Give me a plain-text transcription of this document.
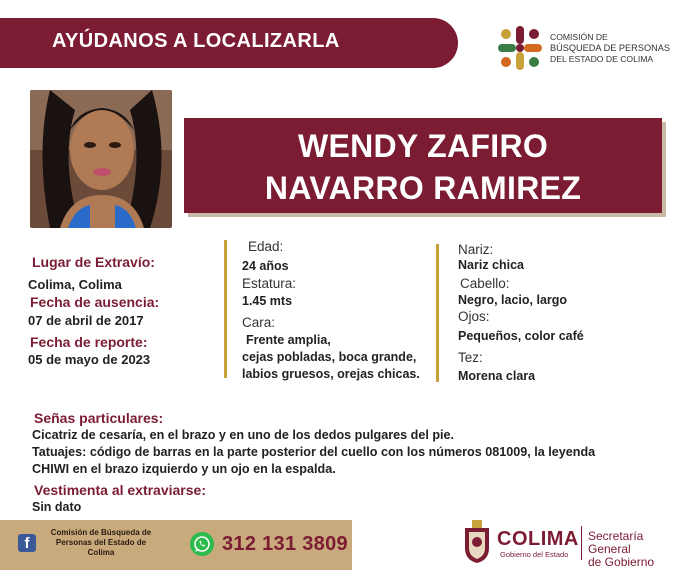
AYÚDANOS A LOCALIZARLA	COMISIÓN DE
BÚSQUEDA DE PERSONAS
DEL ESTADO DE COLIMA
WENDY ZAFIRO
NAVARRO RAMIREZ
Lugar de Extravío:
Colima, Colima
Fecha de ausencia:
07 de abril de 2017
Fecha de reporte:
05 de mayo de 2023
Edad:
24 años
Estatura:
1.45 mts
Cara:
Frente amplia,
cejas pobladas, boca grande,
labios gruesos, orejas chicas.
Nariz:
Nariz chica
Cabello:
Negro, lacio, largo
Ojos:
Pequeños, color café
Tez:
Morena clara
Señas particulares:
Cicatriz de cesaría, en el brazo y en uno de los dedos pulgares del pie.
Tatuajes: código de barras en la parte posterior del cuello con los números 081009, la leyenda
CHIWI en el brazo izquierdo y un ojo en la espalda.
Vestimenta al extraviarse:
Sin dato
f
Comisión de Búsqueda de
Personas del Estado de
Colima	312 131 3809	COLIMA
Gobierno del Estado
Secretaría General
de Gobierno
